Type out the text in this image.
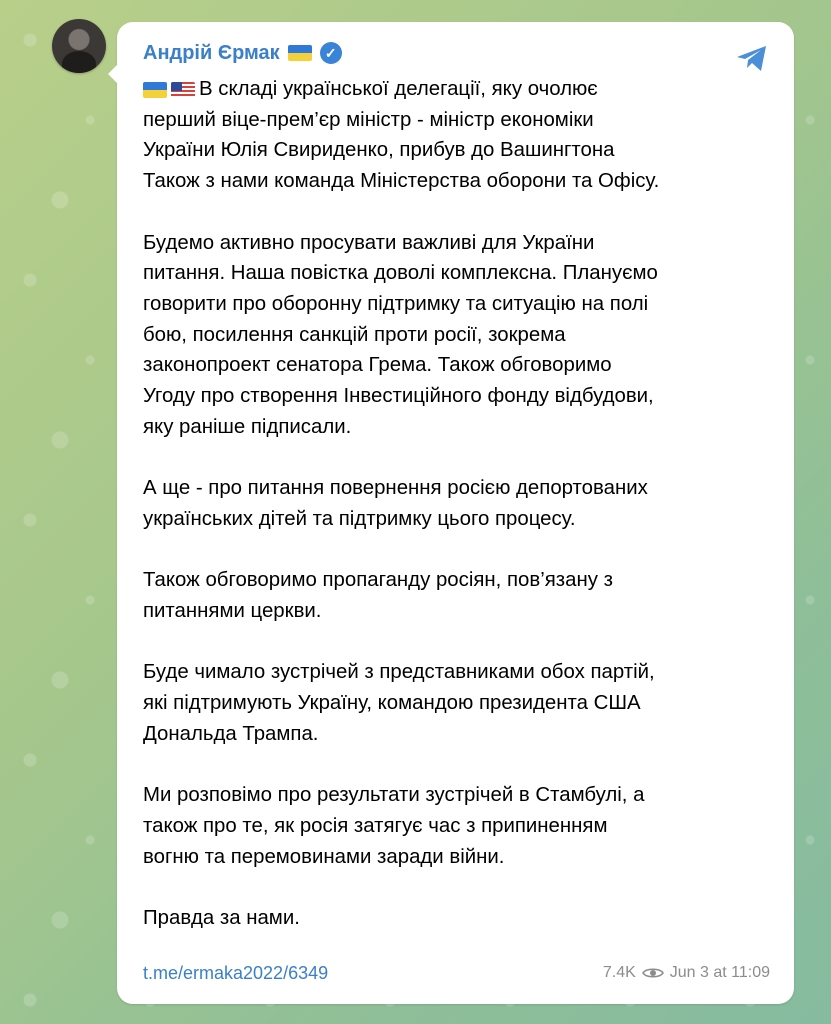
Андрій Єрмак	✓

В складі української делегації, яку очолює
перший віце-прем’єр міністр - міністр економіки
України Юлія Свириденко, прибув до Вашингтона
Також з нами команда Міністерства оборони та Офісу.

Будемо активно просувати важливі для України
питання. Наша повістка доволі комплексна. Плануємо
говорити про оборонну підтримку та ситуацію на полі
бою, посилення санкцій проти росії, зокрема
законопроект сенатора Грема. Також обговоримо
Угоду про створення Інвестиційного фонду відбудови,
яку раніше підписали.

А ще - про питання повернення росією депортованих
українських дітей та підтримку цього процесу.

Також обговоримо пропаганду росіян, пов’язану з
питаннями церкви.

Буде чимало зустрічей з представниками обох партій,
які підтримують Україну, командою президента США
Дональда Трампа.

Ми розповімо про результати зустрічей в Стамбулі, а
також про те, як росія затягує час з припиненням
вогню та перемовинами заради війни.

Правда за нами.

t.me/ermaka2022/6349	7.4K Jun 3 at 11:09
